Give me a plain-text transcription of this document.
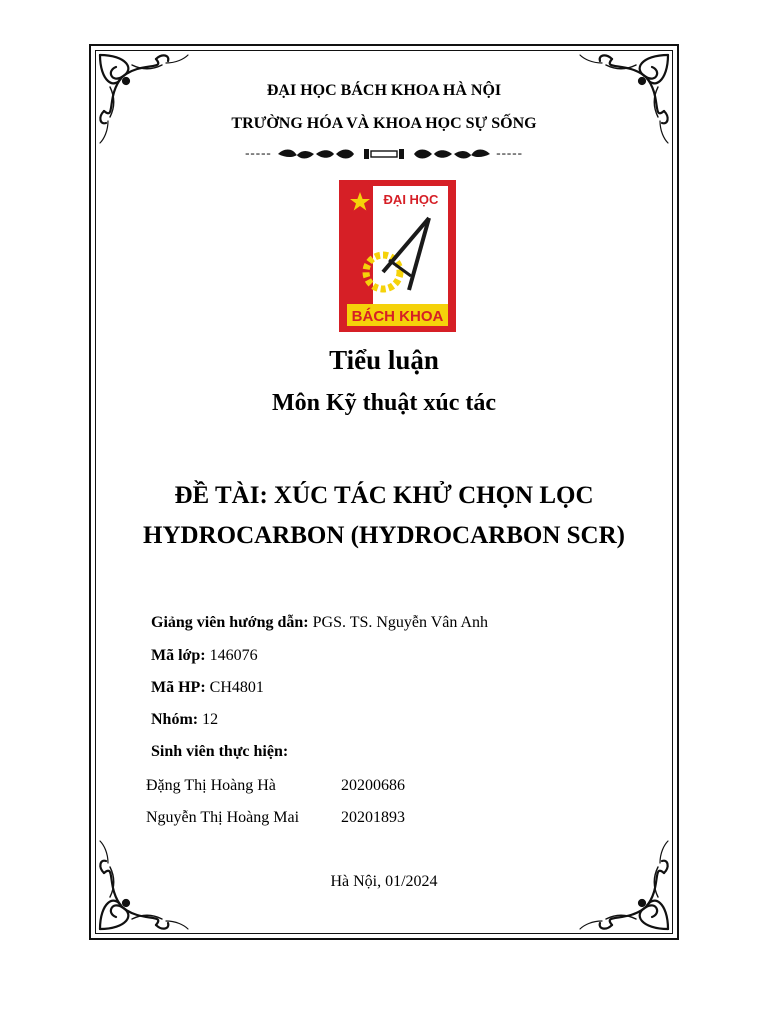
ĐẠI HỌC BÁCH KHOA HÀ NỘI
TRƯỜNG HÓA VÀ KHOA HỌC SỰ SỐNG
-----	-----
ĐẠI HỌC
BÁCH KHOA
Tiểu luận
Môn Kỹ thuật xúc tác
ĐỀ TÀI: XÚC TÁC KHỬ CHỌN LỌC
HYDROCARBON (HYDROCARBON SCR)
Giảng viên hướng dẫn: PGS. TS. Nguyễn Vân Anh
Mã lớp: 146076
Mã HP: CH4801
Nhóm: 12
Sinh viên thực hiện:
Đặng Thị Hoàng Hà	20200686
Nguyễn Thị Hoàng Mai	20201893
Hà Nội, 01/2024
